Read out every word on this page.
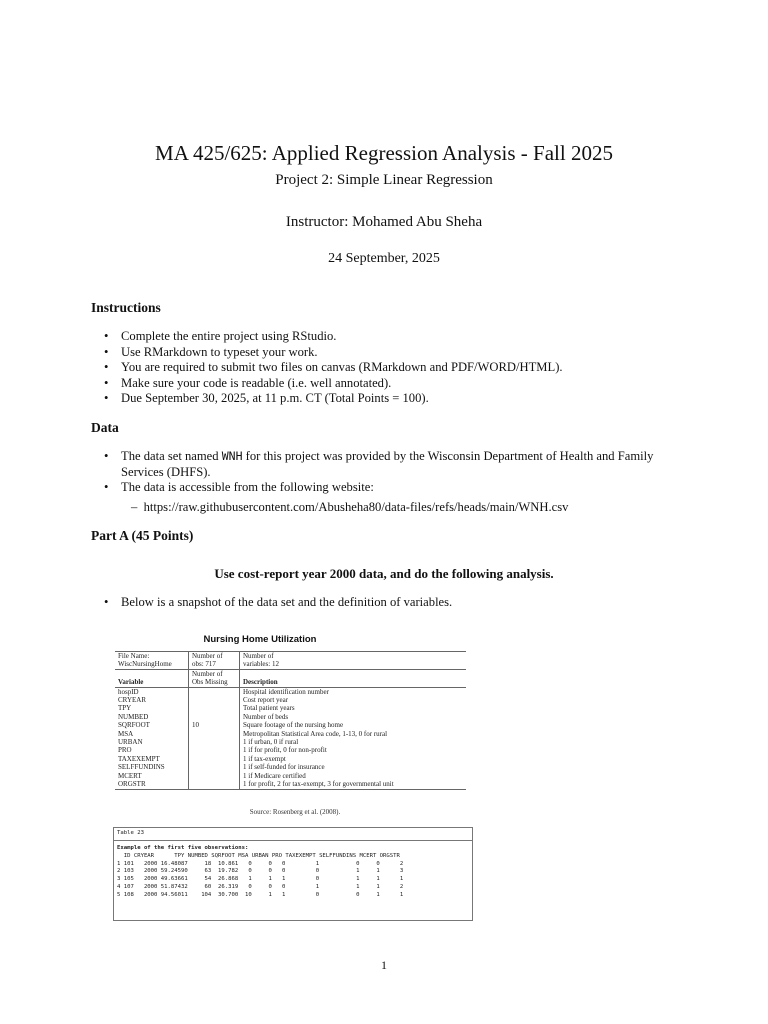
MA 425/625: Applied Regression Analysis - Fall 2025
Project 2: Simple Linear Regression
Instructor: Mohamed Abu Sheha
24 September, 2025
Instructions
• Complete the entire project using RStudio.
• Use RMarkdown to typeset your work.
• You are required to submit two files on canvas (RMarkdown and PDF/WORD/HTML).
• Make sure your code is readable (i.e. well annotated).
• Due September 30, 2025, at 11 p.m. CT (Total Points = 100).
Data
• The data set named WNH for this project was provided by the Wisconsin Department of Health and Family Services (DHFS).
• The data is accessible from the following website:
–  https://raw.githubusercontent.com/Abusheha80/data-files/refs/heads/main/WNH.csv
Part A (45 Points)
Use cost-report year 2000 data, and do the following analysis.
• Below is a snapshot of the data set and the definition of variables.
Nursing Home Utilization
File Name:	Number of	Number of
WiscNursingHome	obs: 717	variables: 12
	Number of	
Variable	Obs Missing	Description
hospID		Hospital identification number
CRYEAR		Cost report year
TPY		Total patient years
NUMBED		Number of beds
SQRFOOT	10	Square footage of the nursing home
MSA		Metropolitan Statistical Area code, 1-13, 0 for rural
URBAN		1 if urban, 0 if rural
PRO		1 if for profit, 0 for non-profit
TAXEXEMPT		1 if tax-exempt
SELFFUNDINS		1 if self-funded for insurance
MCERT		1 if Medicare certified
ORGSTR		1 for profit, 2 for tax-exempt, 3 for governmental unit
Source: Rosenberg et al. (2008).
Table 23
Example of the first five observations:
ID CRYEAR      TPY NUMBED SQRFOOT MSA URBAN PRO TAXEXEMPT SELFFUNDINS MCERT ORGSTR
1 101   2000 16.48087     18  10.861   0     0   0         1           0     0      2
2 103   2000 59.24590     63  19.782   0     0   0         0           1     1      3
3 105   2000 49.63661     54  26.868   1     1   1         0           1     1      1
4 107   2000 51.87432     60  26.319   0     0   0         1           1     1      2
5 108   2000 94.56011    104  30.700  10     1   1         0           0     1      1
1
